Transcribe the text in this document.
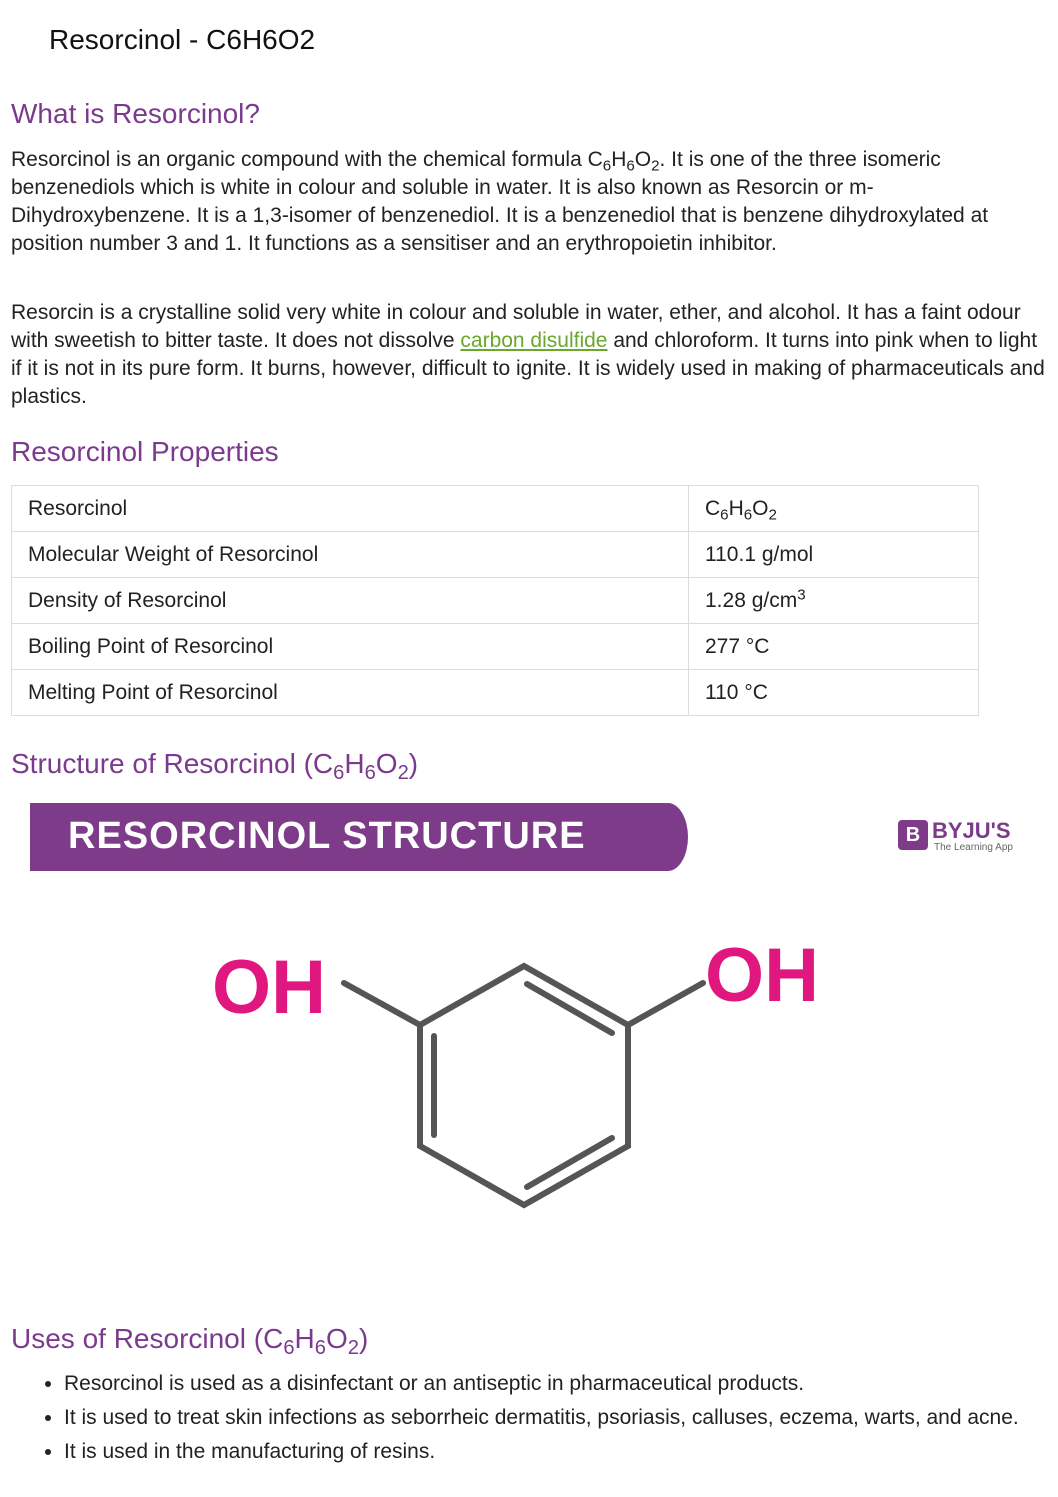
Resorcinol - C6H6O2
What is Resorcinol?

Resorcinol is an organic compound with the chemical formula $C_6H_6O_2$. It is one of the three isomeric benzenediols which is white in colour and soluble in water. It is also known as Resorcin or m-Dihydroxybenzene. It is a 1,3-isomer of benzenediol. It is a benzenediol that is benzene dihydroxylated at position number 3 and 1. It functions as a sensitiser and an erythropoietin inhibitor.

Resorcin is a crystalline solid very white in colour and soluble in water, ether, and alcohol. It has a faint odour with sweetish to bitter taste. It does not dissolve carbon disulfide and chloroform. It turns into pink when to light if it is not in its pure form. It burns, however, difficult to ignite. It is widely used in making of pharmaceuticals and plastics.

Resorcinol Properties
Resorcinol	$C_6H_6O_2$
Molecular Weight of Resorcinol	110.1 g/mol
Density of Resorcinol	1.28 $g/cm^3$
Boiling Point of Resorcinol	277 °C
Melting Point of Resorcinol	110 °C
Structure of Resorcinol $(C_6H_6O_2)$
RESORCINOL STRUCTURE	B BYJU'S
The Learning App
OH	OH
Uses of Resorcinol $(C_6H_6O_2)$
• Resorcinol is used as a disinfectant or an antiseptic in pharmaceutical products.
• It is used to treat skin infections as seborrheic dermatitis, psoriasis, calluses, eczema, warts, and acne.
• It is used in the manufacturing of resins.
